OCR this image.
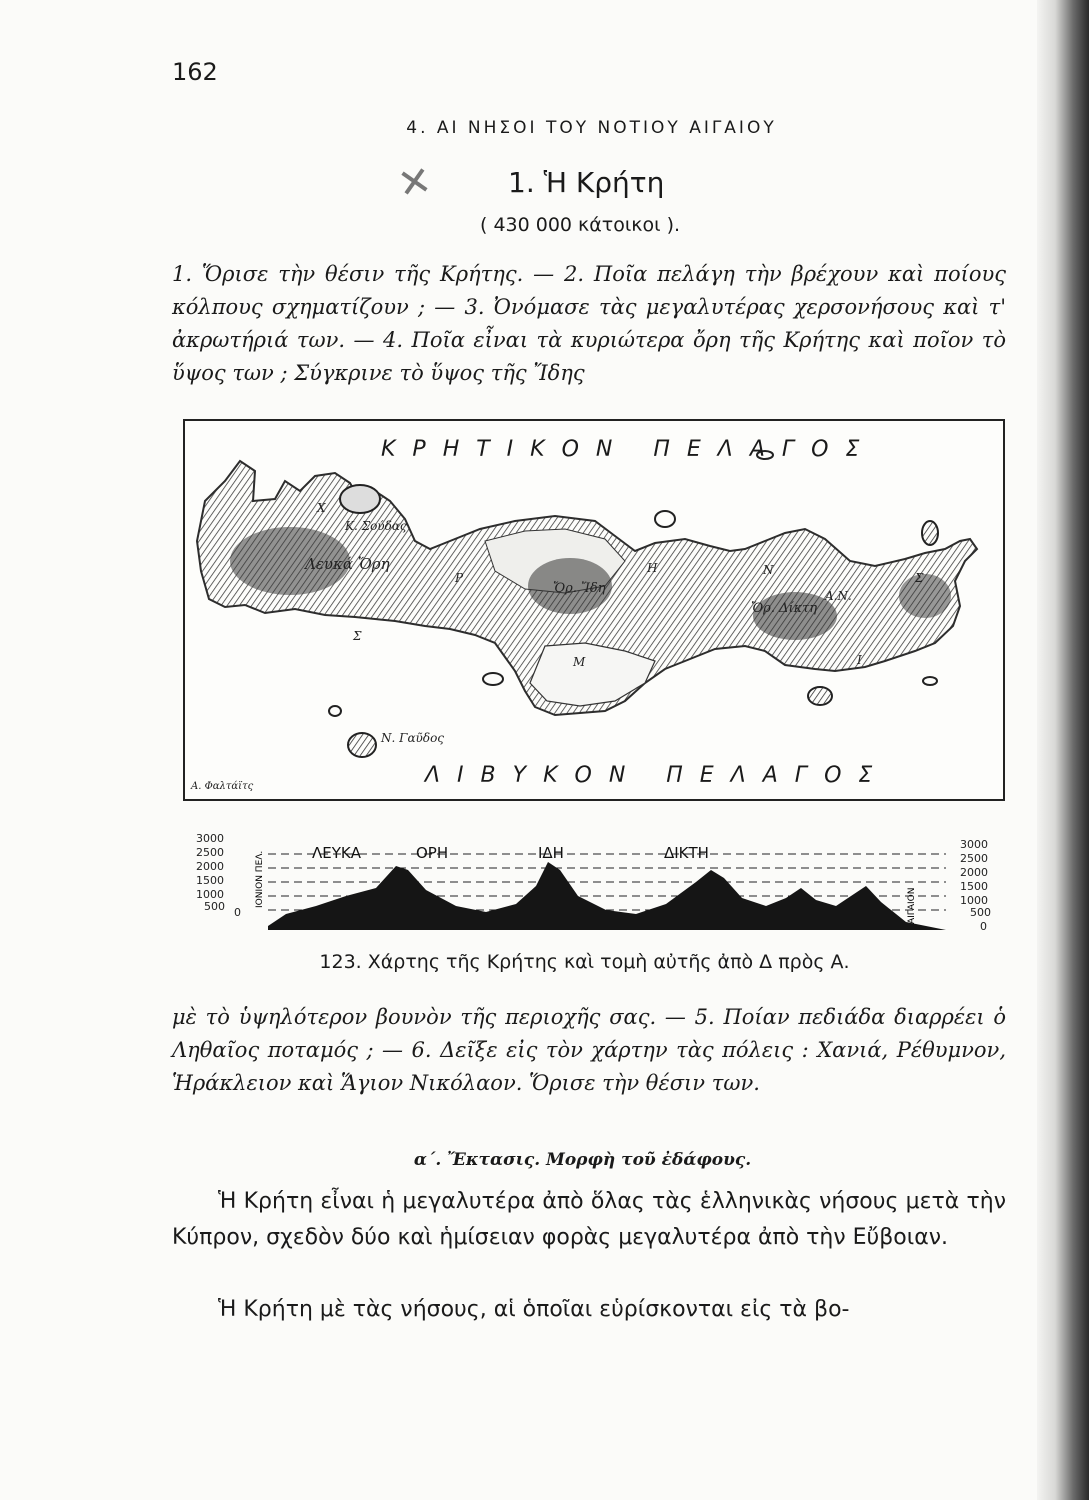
162
4. ΑΙ ΝΗΣΟΙ ΤΟΥ ΝΟΤΙΟΥ ΑΙΓΑΙΟΥ
✕	1. Ἡ Κρήτη
( 430 000 κάτοικοι ).
1. Ὅρισε τὴν θέσιν τῆς Κρήτης. — 2. Ποῖα πελάγη τὴν βρέχουν καὶ ποίους κόλπους σχηματίζουν ; — 3. Ὀνόμασε τὰς μεγαλυτέρας χερσονήσους καὶ τ' ἀκρωτήριά των. — 4. Ποῖα εἶναι τὰ κυριώτερα ὄρη τῆς Κρήτης καὶ ποῖον τὸ ὕψος των ; Σύγκρινε τὸ ὕψος τῆς Ἴδης
ΚΡΗΤΙΚΟΝ ΠΕΛΑΓΟΣ
ΛΙΒΥΚΟΝ ΠΕΛΑΓΟΣ
X
Κ. Σούδας
Λευκά Ὄρη
Ρ
Σ
Ὄρ. Ἴδη
Η
Μ
Ν
Ὄρ. Δίκτη
Α.Ν.
Σ
Ι
Ν. Γαῦδος
Α. Φαλτάϊτς
3000
2500
2000
1500
1000
500 0
3000
2500
2000
1500
1000
500
0
ΙΟΝΙΟΝ ΠΕΛ.	ΑΙΓΑΙΟΝ
ΛΕΥΚΑ	ΟΡΗ	ΙΔΗ	ΔΙΚΤΗ
123. Χάρτης τῆς Κρήτης καὶ τομὴ αὐτῆς ἀπὸ Δ πρὸς Α.
μὲ τὸ ὑψηλότερον βουνὸν τῆς περιοχῆς σας. — 5. Ποίαν πεδιάδα διαρρέει ὁ Ληθαῖος ποταμός ; — 6. Δεῖξε εἰς τὸν χάρτην τὰς πόλεις : Χανιά, Ρέθυμνον, Ἡράκλειον καὶ Ἅγιον Νικόλαον. Ὅρισε τὴν θέσιν των.
α΄. Ἔκτασις. Μορφὴ τοῦ ἐδάφους.
Ἡ Κρήτη εἶναι ἡ μεγαλυτέρα ἀπὸ ὅλας τὰς ἑλληνικὰς νήσους μετὰ τὴν Κύπρον, σχεδὸν δύο καὶ ἡμίσειαν φορὰς μεγαλυτέρα ἀπὸ τὴν Εὔβοιαν.
Ἡ Κρήτη μὲ τὰς νήσους, αἱ ὁποῖαι εὑρίσκονται εἰς τὰ βο-
